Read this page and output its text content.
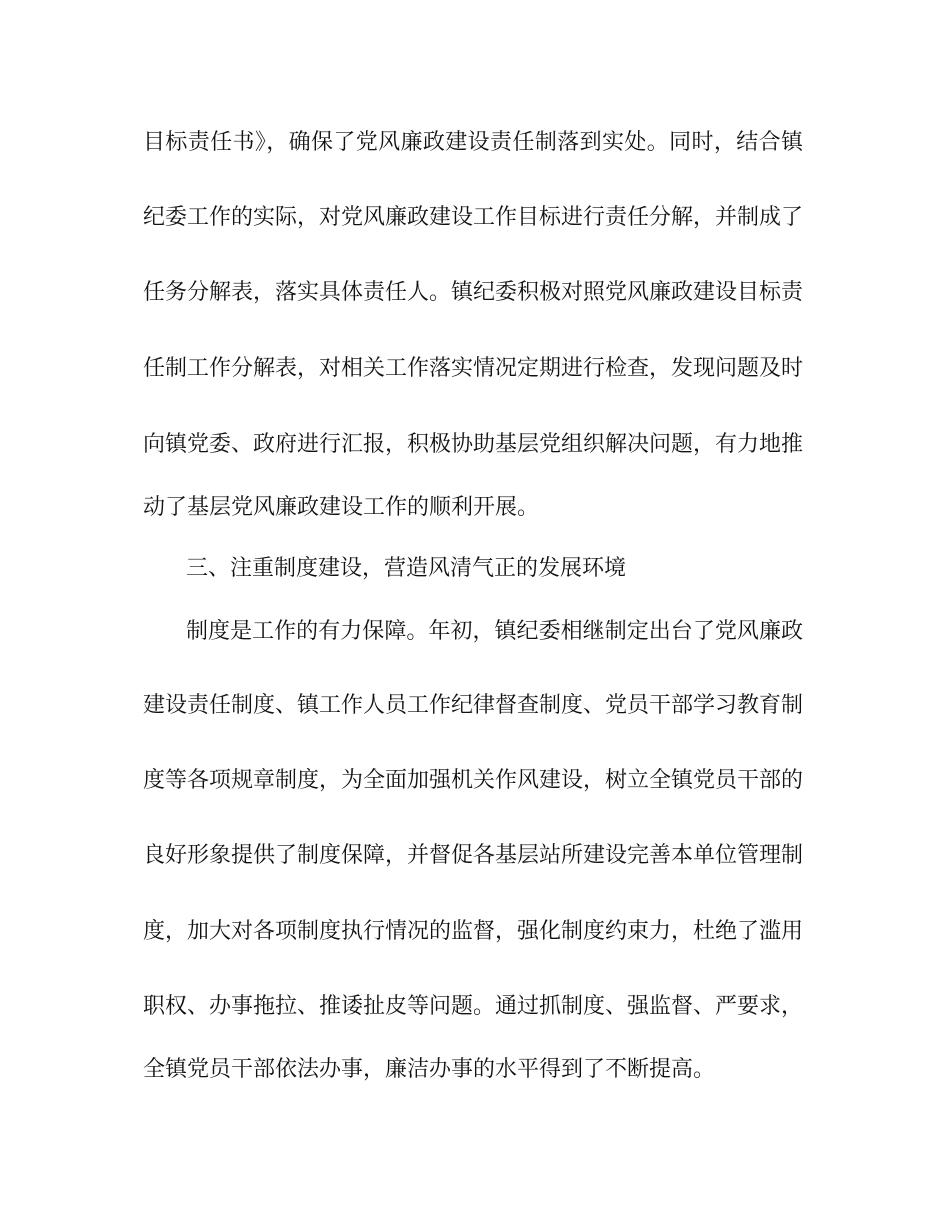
目标责任书》，确保了党风廉政建设责任制落到实处。同时，结合镇
纪委工作的实际，对党风廉政建设工作目标进行责任分解，并制成了
任务分解表，落实具体责任人。镇纪委积极对照党风廉政建设目标责
任制工作分解表，对相关工作落实情况定期进行检查，发现问题及时
向镇党委、政府进行汇报，积极协助基层党组织解决问题，有力地推
动了基层党风廉政建设工作的顺利开展。
三、注重制度建设，营造风清气正的发展环境
制度是工作的有力保障。年初，镇纪委相继制定出台了党风廉政
建设责任制度、镇工作人员工作纪律督查制度、党员干部学习教育制
度等各项规章制度，为全面加强机关作风建设，树立全镇党员干部的
良好形象提供了制度保障，并督促各基层站所建设完善本单位管理制
度，加大对各项制度执行情况的监督，强化制度约束力，杜绝了滥用
职权、办事拖拉、推诿扯皮等问题。通过抓制度、强监督、严要求，
全镇党员干部依法办事，廉洁办事的水平得到了不断提高。
